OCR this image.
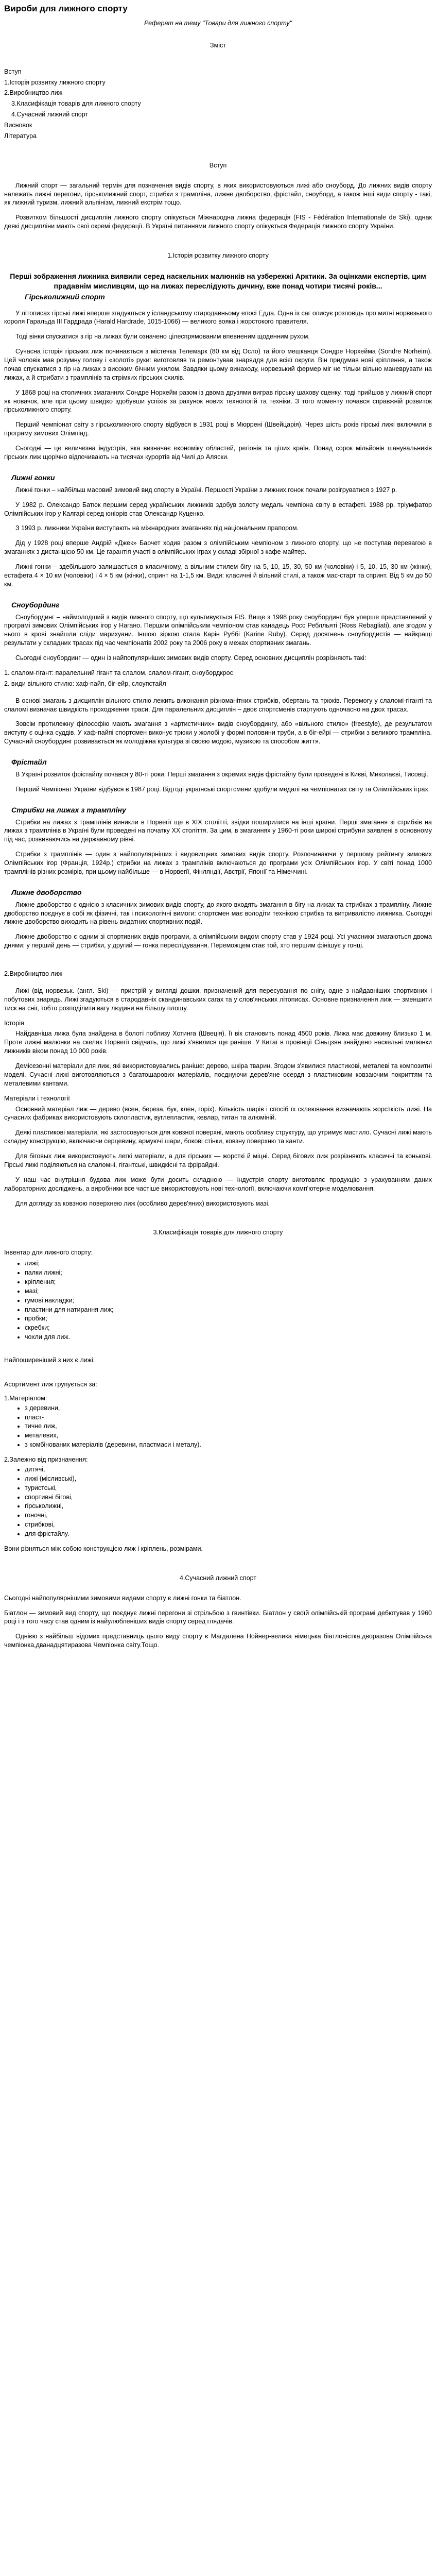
Вироби для лижного спорту
Реферат на тему "Товари для лижного спорту"
Зміст
Вступ
1.Історія розвитку лижного спорту
2.Виробництво лиж
3.Класифікація товарів для лижного спорту
4.Сучасний лижний спорт
Висновок
Література
Вступ

Лижний спорт — загальний термін для позначення видів спорту, в яких використовуються лижі або сноуборд. До лижних видів спорту належать лижні перегони, гірськолижний спорт, стрибки з трампліна, лижне двоборство, фрістайл, сноуборд, а також інші види спорту - такі, як лижний туризм, лижний альпінізм, лижний екстрім тощо.

Розвитком більшості дисциплін лижного спорту опікується Міжнародна лижна федерація (FIS - Fédération Internationale de Ski), однак деякі дисципліни мають свої окремі федерації. В Україні питаннями лижного спорту опікується Федерація лижного спорту України.

1.Історія розвитку лижного спорту
Перші зображення лижника виявили серед наскельних малюнків на узбережжі Арктики. За оцінками експертів, цим прадавнім мисливцям, що на лижах переслідують дичину, вже понад чотири тисячі років...
Гірськолижний спорт

У літописах гірські лижі вперше згадуються у ісландському стародавньому епосі Едда. Одна із саг описує розповідь про митні норвезького короля Гаральда III Гардрада (Harald Hardrade, 1015-1066) — великого вояка і жорстокого правителя.

Тоді вінки спускатися з гір на лижах були означено цілеспрямованим впевненим щоденним рухом.

Сучасна історія гірських лиж починається з містечка Телемарк (80 км від Осло) та його мешканця Сондре Норхейма (Sondre Norheim). Цей чоловік мав розумну голову і «золоті» руки: виготовляв та ремонтував знаряддя для всієї округи. Він придумав нові кріплення, а також почав спускатися з гір на лижах з високим бічним ухилом. Завдяки цьому винаходу, норвезький фермер міг не тільки вільно маневрувати на лижах, а й стрибати з трамплінів та стрімких гірських схилів.

У 1868 році на столичних змаганнях Сондре Норхейм разом із двома друзями виграв гірську шахову сценку, тоді прийшов у лижний спорт як новачок, але при цьому швидко здобувши успіхів за рахунок нових технологій та техніки. З того моменту почався справжній розвиток гірськолижного спорту.

Перший чемпіонат світу з гірськолижного спорту відбувся в 1931 році в Мюррені (Швейцарія). Через шість років гірські лижі включили в програму зимових Олімпіад.

Сьогодні — це величезна індустрія, яка визначає економіку областей, регіонів та цілих країн. Понад сорок мільйонів шанувальників гірських лиж щорічно відпочивають на тисячах курортів від Чилі до Аляски.

Лижні гонки

Лижні гонки – найбільш масовий зимовий вид спорту в Україні. Першості України з лижних гонок почали розігруватися з 1927 р.

У 1982 р. Олександр Батюк першим серед українських лижників здобув золоту медаль чемпіона світу в естафеті. 1988 рр. тріумфатор Олімпійських ігор у Калгарі серед юніорів став Олександр Куценко.

З 1993 р. лижники України виступають на міжнародних змаганнях під національним прапором.

Дід у 1928 році вперше Андрій «Джек» Барчет ходив разом з олімпійським чемпіоном з лижного спорту, що не поступав перевагою в змаганнях з дистанцією 50 км. Це гарантія участі в олімпійських іграх у складі збірної з кафе-майтер.

Лижні гонки – здебільшого залишається в класичному, а вільним стилем бігу на 5, 10, 15, 30, 50 км (чоловіки) і 5, 10, 15, 30 км (жінки), естафета 4 × 10 км (чоловіки) і 4 × 5 км (жінки), спринт на 1-1,5 км. Види: класичні й вільний стилі, а також мас-старт та спринт. Від 5 км до 50 км.

Сноубординг

Сноубординг – наймолодший з видів лижного спорту, що культивується FIS. Вище з 1998 року сноубординг був уперше представлений у програмі зимових Олімпійських ігор у Нагано. Першим олімпійським чемпіоном став канадець Росс Реблльяті (Ross Rebagliati), але згодом у нього в крові знайшли сліди марихуани. Іншою зіркою стала Карін Руббі (Karine Ruby). Серед досягнень сноубордистів — найкращі результати у складних трасах під час чемпіонатів 2002 року та 2006 року в межах спортивних змагань.

Сьогодні сноубординг — один із найпопулярніших зимових видів спорту. Серед основних дисциплін розрізняють такі:

1. слалом-гігант: паралельний гігант та слалом, слалом-гігант, сноубордкрос
2. види вільного стилю: хаф-пайп, біг-ейр, слоупстайл

В основі змагань з дисциплін вільного стилю лежить виконання різноманітних стрибків, обертань та трюків. Перемогу у слаломі-гіганті та слаломі визначає швидкість проходження траси. Для паралельних дисциплін – двоє спортсменів стартують одночасно на двох трасах.

Зовсім протилежну філософію мають змагання з «артистичних» видів сноубордингу, або «вільного стилю» (freestyle), де результатом виступу є оцінка суддів. У хаф-пайпі спортсмен виконує трюки у жолобі у формі половини труби, а в біг-ейрі — стрибки з великого трампліна. Сучасний сноубординг розвивається як молодіжна культура зі своєю модою, музикою та способом життя.

Фрістайл

В Україні розвиток фрістайлу почався у 80-ті роки. Перші змагання з окремих видів фрістайлу були проведені в Києві, Миколаєві, Тисовці.

Перший Чемпіонат України відбувся в 1987 році. Відтоді українські спортсмени здобули медалі на чемпіонатах світу та Олімпійських іграх.

Стрибки на лижах з трампліну

Стрибки на лижах з трамплінів виникли в Норвегії ще в XIX столітті, звідки поширилися на інші країни. Перші змагання зі стрибків на лижах з трамплінів в Україні були проведені на початку XX століття. За цим, в змаганнях у 1960-ті роки широкі стрибуни заявлені в основному під час, розвиваючись на державному рівні.

Стрибки з трамплінів — один з найпопулярніших і видовищних зимових видів спорту. Розпочинаючи у першому рейтингу зимових Олімпійських ігор (Франція, 1924р.) стрибки на лижах з трамплінів включаються до програми усіх Олімпійських ігор. У світі понад 1000 трамплінів різних розмірів, при цьому найбільше — в Норвегії, Фінляндії, Австрії, Японії та Німеччині.

Лижне двоборство

Лижне двоборство є однією з класичних зимових видів спорту, до якого входять змагання в бігу на лижах та стрибках з трампліну. Лижне двоборство поєднує в собі як фізичні, так і психологічні вимоги: спортсмен має володіти технікою стрибка та витривалістю лижника. Сьогодні лижне двоборство виходить на рівень видатних спортивних подій.

Лижне двоборство є одним зі спортивних видів програми, а олімпійським видом спорту став у 1924 році. Усі учасники змагаються двома днями: у перший день — стрибки, у другий — гонка переслідування. Переможцем стає той, хто першим фінішує у гонці.

2.Виробництво лиж

Лижі (від норвезьк. (англ. Ski) — пристрій у вигляді дошки, призначений для пересування по снігу, одне з найдавніших спортивних і побутових знарядь. Лижі згадуються в стародавніх скандинавських сагах та у слов'янських літописах. Основне призначення лиж — зменшити тиск на сніг, тобто розподілити вагу людини на більшу площу.

Історія

Найдавніша лижа була знайдена в болоті поблизу Хотинга (Швеція). Її вік становить понад 4500 років. Лижа має довжину близько 1 м. Проте лижні малюнки на скелях Норвегії свідчать, що лижі з'явилися ще раніше. У Китаї в провінції Сіньцзян знайдено наскельні малюнки лижників віком понад 10 000 років.

Демісезонні матеріали для лиж, які використовувались раніше: дерево, шкіра тварин. Згодом з'явилися пластикові, металеві та композитні моделі. Сучасні лижі виготовляються з багатошарових матеріалів, поєднуючи дерев'яне осердя з пластиковим ковзаючим покриттям та металевими кантами.

Матеріали і технології

Основний матеріал лиж — дерево (ясен, береза, бук, клен, горіх). Кількість шарів і спосіб їх склеювання визначають жорсткість лижі. На сучасних фабриках використовують склопластик, вуглепластик, кевлар, титан та алюміній.

Деякі пластикові матеріали, які застосовуються для ковзної поверхні, мають особливу структуру, що утримує мастило. Сучасні лижі мають складну конструкцію, включаючи серцевину, армуючі шари, бокові стінки, ковзну поверхню та канти.

Для біговых лиж використовують легкі матеріали, а для гірських — жорсткі й міцні. Серед бігових лиж розрізняють класичні та конькові. Гірські лижі поділяються на слаломні, гігантські, швидкісні та фрірайдні.

У наш час внутрішня будова лиж може бути досить складною — індустрія спорту виготовляє продукцію з урахуванням даних лабораторних досліджень, а виробники все частіше використовують нові технології, включаючи комп'ютерне моделювання.

Для догляду за ковзною поверхнею лиж (особливо дерев'яних) використовують мазі.

3.Класифікація товарів для лижного спорту
Інвентар для лижного спорту:
• лижі;
• палки лижні;
• кріплення;
• мазі;
• гумові накладки;
• пластини для натирання лиж;
• пробки;
• скребки;
• чохли для лиж.
Найпоширеніший з них є лижі.
Асортимент лиж групується за:
1.Матеріалом:
• з деревини,
• пласт-
• тичне лиж,
• металевих,
• з комбінованих матеріалів (деревини, пластмаси і металу).
2.Залежно від призначення:
• дитячі,
• лижі (місливські),
• туристські,
• спортивні бігові,
• гірськолижні,
• гоночні,
• стрибкові,
• для фрістайлу.
Вони різняться між собою конструкцією лиж і кріплень, розмірами.
4.Сучасний лижний спорт

Сьогодні найпопулярнішими зимовими видами спорту є лижні гонки та біатлон.

Біатлон — зимовий вид спорту, що поєднує лижні перегони зі стрільбою з гвинтівки. Біатлон у своїй олімпійській програмі дебютував у 1960 році і з того часу став одним із найулюбленіших видів спорту серед глядачів.

Однією з найбільш відомих представниць цього виду спорту є Магдалена Нойнер-велика німецька біатлоністка,дворазова Олімпійська чемпіонка,дванадцятиразова Чемпіонка світу.Тощо.
